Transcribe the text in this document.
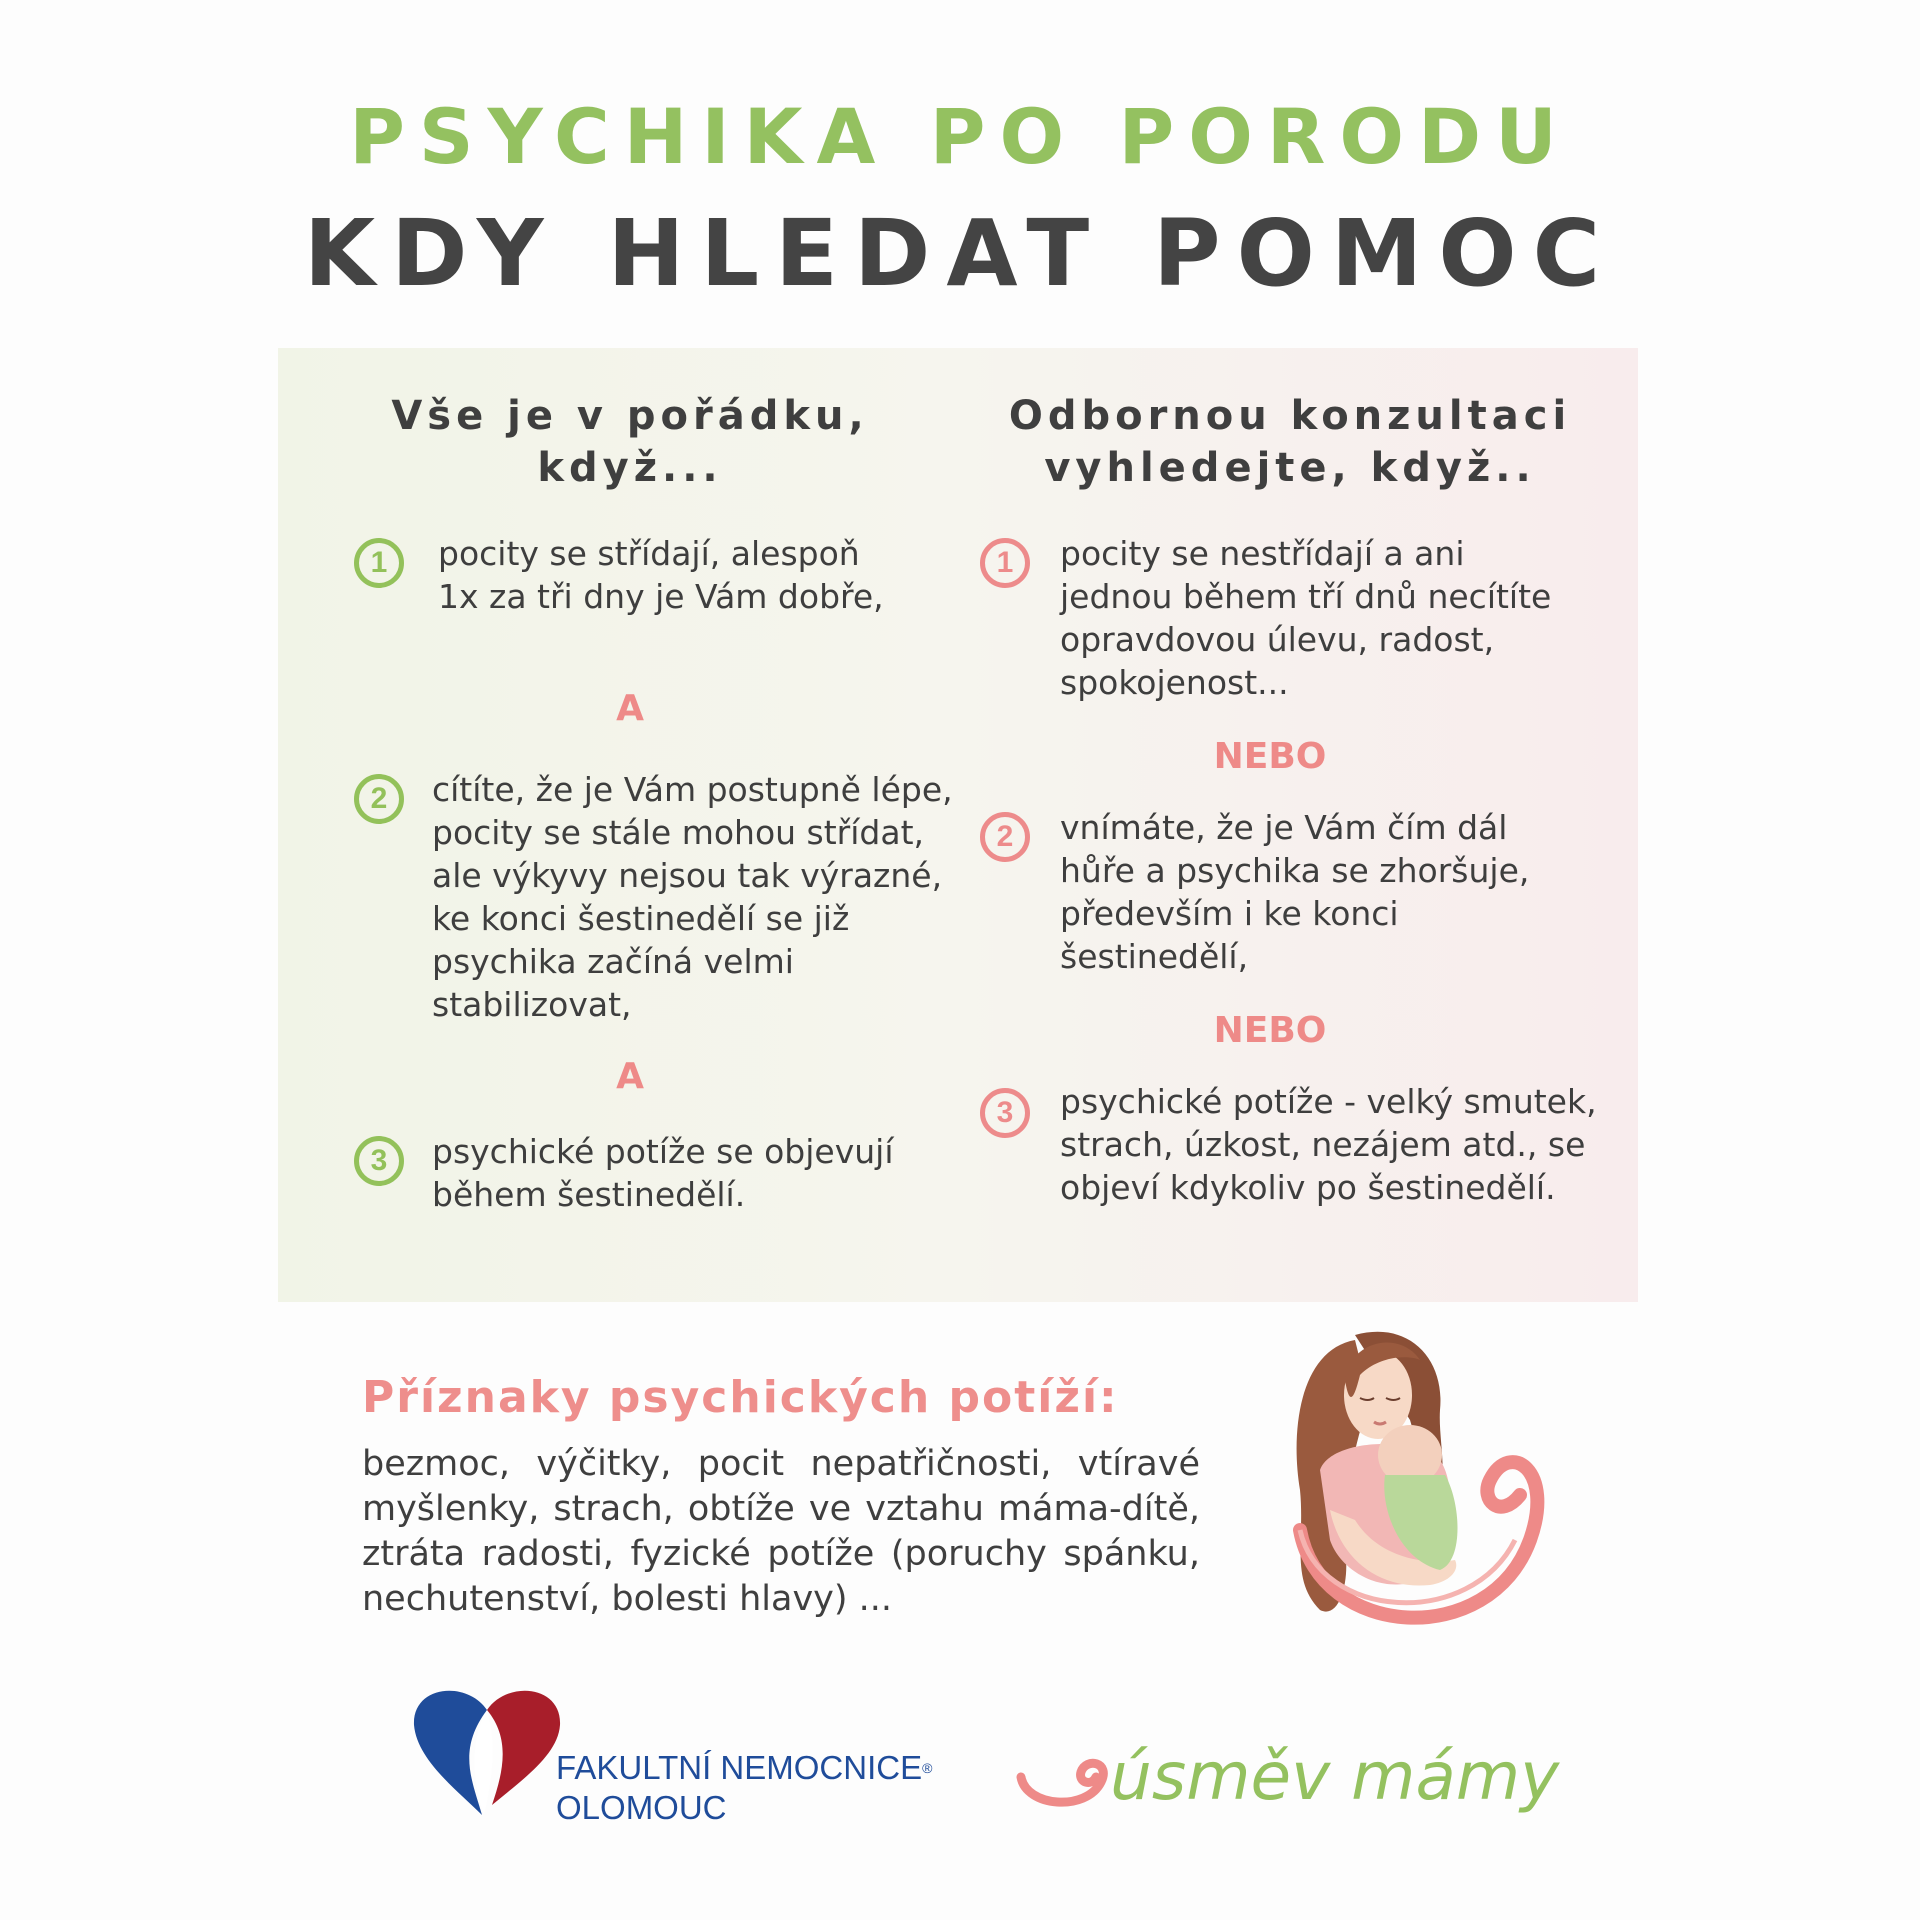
PSYCHIKA PO PORODU
KDY HLEDAT POMOC
Vše je v pořádku,
když...
Odbornou konzultaci
vyhledejte, když..
1	pocity se střídají, alespoň
1x za tři dny je Vám dobře,
A
2	cítíte, že je Vám postupně lépe,
pocity se stále mohou střídat,
ale výkyvy nejsou tak výrazné,
ke konci šestinedělí se již
psychika začíná velmi
stabilizovat,
A
3	psychické potíže se objevují
během šestinedělí.
1	pocity se nestřídají a ani
jednou během tří dnů necítíte
opravdovou úlevu, radost,
spokojenost...
NEBO
2	vnímáte, že je Vám čím dál
hůře a psychika se zhoršuje,
především i ke konci
šestinedělí,
NEBO
3	psychické potíže - velký smutek,
strach, úzkost, nezájem atd., se
objeví kdykoliv po šestinedělí.
Příznaky psychických potíží:
bezmoc, výčitky, pocit nepatřičnosti, vtíravé
myšlenky, strach, obtíže ve vztahu máma-dítě,
ztráta radosti, fyzické potíže (poruchy spánku,
nechutenství, bolesti hlavy) ...
FAKULTNÍ NEMOCNICE®
OLOMOUC	úsměv mámy
